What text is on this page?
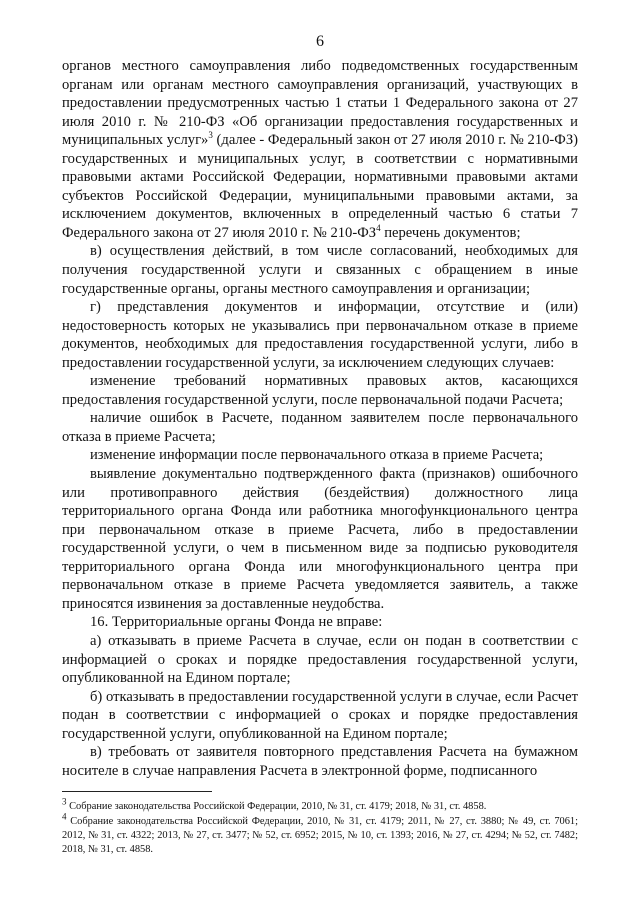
6

органов местного самоуправления либо подведомственных государственным органам или органам местного самоуправления организаций, участвующих в предоставлении предусмотренных частью 1 статьи 1 Федерального закона от 27 июля 2010 г. № 210-ФЗ «Об организации предоставления государственных и муниципальных услуг»$^3$ (далее - Федеральный закон от 27 июля 2010 г. № 210-ФЗ) государственных и муниципальных услуг, в соответствии с нормативными правовыми актами Российской Федерации, нормативными правовыми актами субъектов Российской Федерации, муниципальными правовыми актами, за исключением документов, включенных в определенный частью 6 статьи 7 Федерального закона от 27 июля 2010 г. № $210-ФЗ^4$ перечень документов;

в) осуществления действий, в том числе согласований, необходимых для получения государственной услуги и связанных с обращением в иные государственные органы, органы местного самоуправления и организации;

г) представления документов и информации, отсутствие и (или) недостоверность которых не указывались при первоначальном отказе в приеме документов, необходимых для предоставления государственной услуги, либо в предоставлении государственной услуги, за исключением следующих случаев:

изменение требований нормативных правовых актов, касающихся предоставления государственной услуги, после первоначальной подачи Расчета;

наличие ошибок в Расчете, поданном заявителем после первоначального отказа в приеме Расчета;

изменение информации после первоначального отказа в приеме Расчета;

выявление документально подтвержденного факта (признаков) ошибочного или противоправного действия (бездействия) должностного лица территориального органа Фонда или работника многофункционального центра при первоначальном отказе в приеме Расчета, либо в предоставлении государственной услуги, о чем в письменном виде за подписью руководителя территориального органа Фонда или многофункционального центра при первоначальном отказе в приеме Расчета уведомляется заявитель, а также приносятся извинения за доставленные неудобства.

16. Территориальные органы Фонда не вправе:

а) отказывать в приеме Расчета в случае, если он подан в соответствии с информацией о сроках и порядке предоставления государственной услуги, опубликованной на Едином портале;

б) отказывать в предоставлении государственной услуги в случае, если Расчет подан в соответствии с информацией о сроках и порядке предоставления государственной услуги, опубликованной на Едином портале;

в) требовать от заявителя повторного представления Расчета на бумажном носителе в случае направления Расчета в электронной форме, подписанного

$^3$ Собрание законодательства Российской Федерации, 2010, № 31, ст. 4179; 2018, № 31, ст. 4858.

$^4$ Собрание законодательства Российской Федерации, 2010, № 31, ст. 4179; 2011, № 27, ст. 3880; № 49, ст. 7061; 2012, № 31, ст. 4322; 2013, № 27, ст. 3477; № 52, ст. 6952; 2015, № 10, ст. 1393; 2016, № 27, ст. 4294; № 52, ст. 7482; 2018, № 31, ст. 4858.
